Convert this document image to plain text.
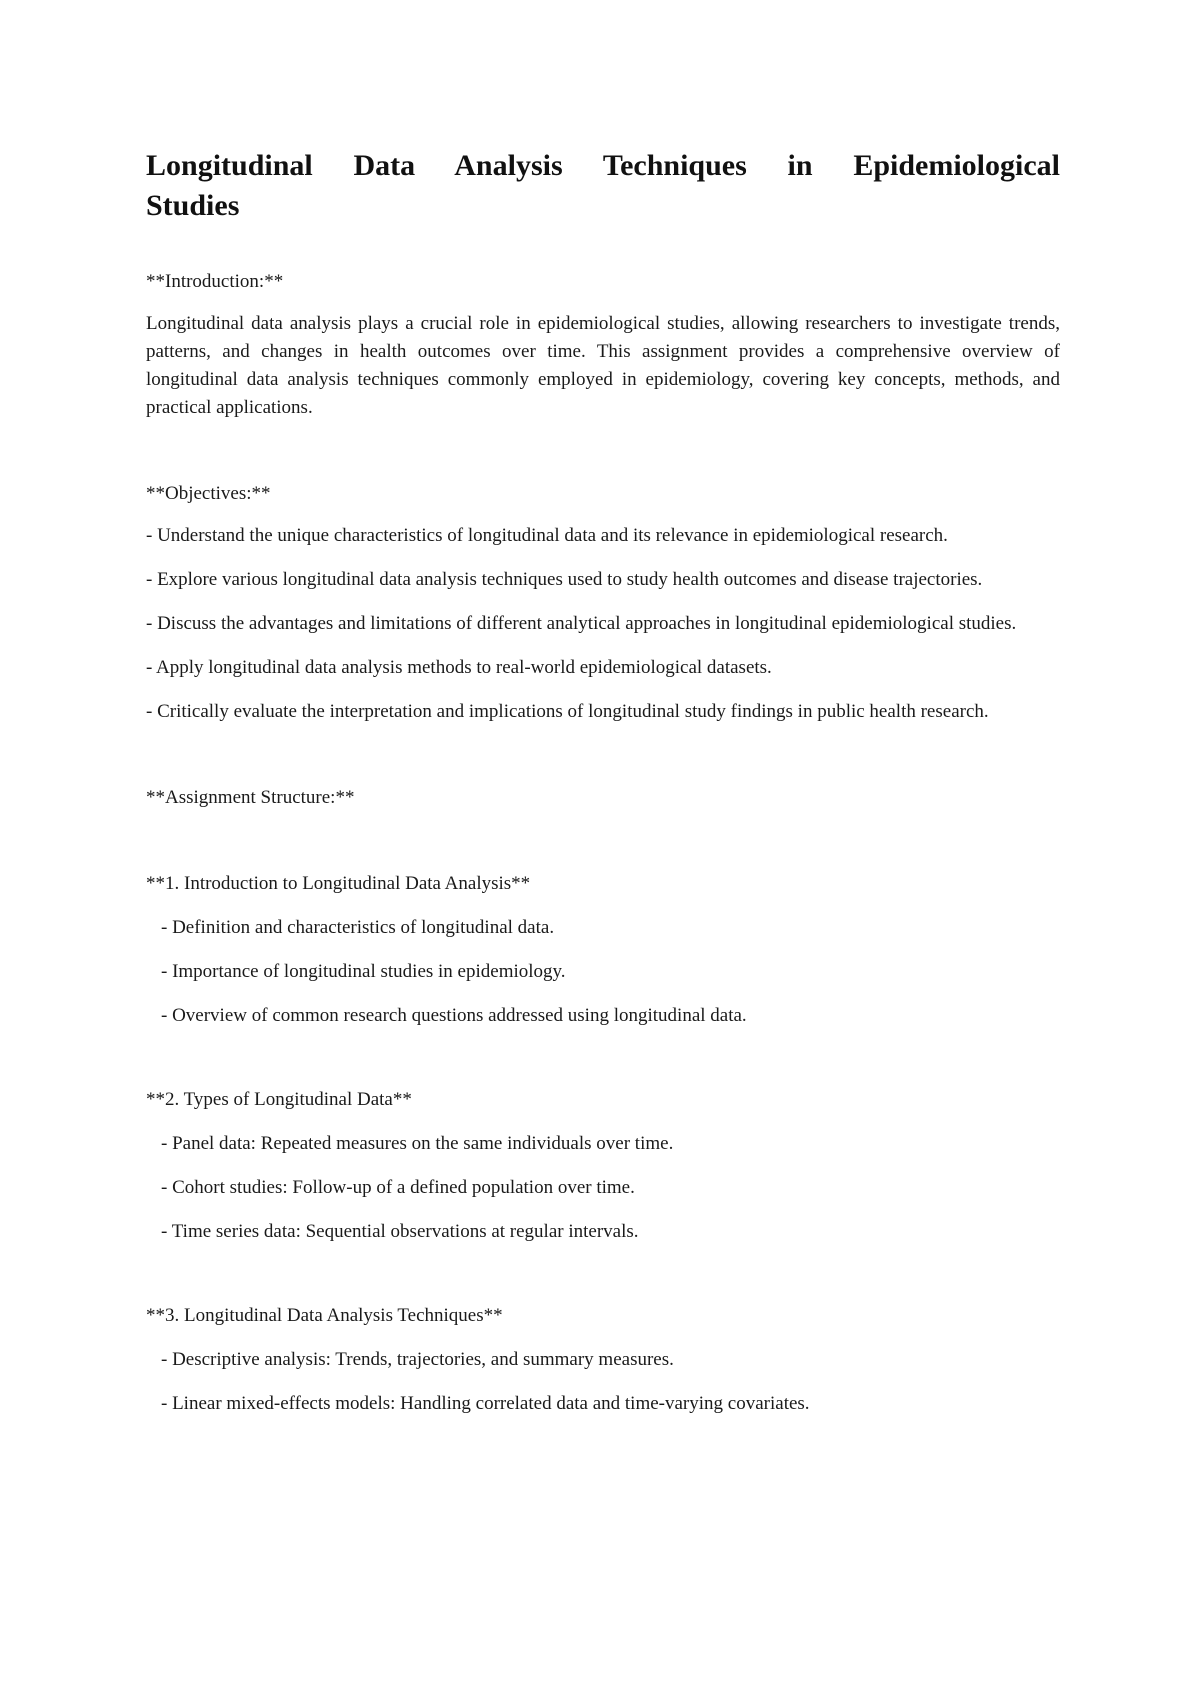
Longitudinal Data Analysis Techniques in Epidemiological
Studies

**Introduction:**

Longitudinal data analysis plays a crucial role in epidemiological studies, allowing researchers to investigate trends, patterns, and changes in health outcomes over time. This assignment provides a comprehensive overview of longitudinal data analysis techniques commonly employed in epidemiology, covering key concepts, methods, and practical applications.

**Objectives:**

- Understand the unique characteristics of longitudinal data and its relevance in epidemiological research.

- Explore various longitudinal data analysis techniques used to study health outcomes and disease trajectories.

- Discuss the advantages and limitations of different analytical approaches in longitudinal epidemiological studies.

- Apply longitudinal data analysis methods to real-world epidemiological datasets.

- Critically evaluate the interpretation and implications of longitudinal study findings in public health research.

**Assignment Structure:**

**1. Introduction to Longitudinal Data Analysis**

- Definition and characteristics of longitudinal data.

- Importance of longitudinal studies in epidemiology.

- Overview of common research questions addressed using longitudinal data.

**2. Types of Longitudinal Data**

- Panel data: Repeated measures on the same individuals over time.

- Cohort studies: Follow-up of a defined population over time.

- Time series data: Sequential observations at regular intervals.

**3. Longitudinal Data Analysis Techniques**

- Descriptive analysis: Trends, trajectories, and summary measures.

- Linear mixed-effects models: Handling correlated data and time-varying covariates.
